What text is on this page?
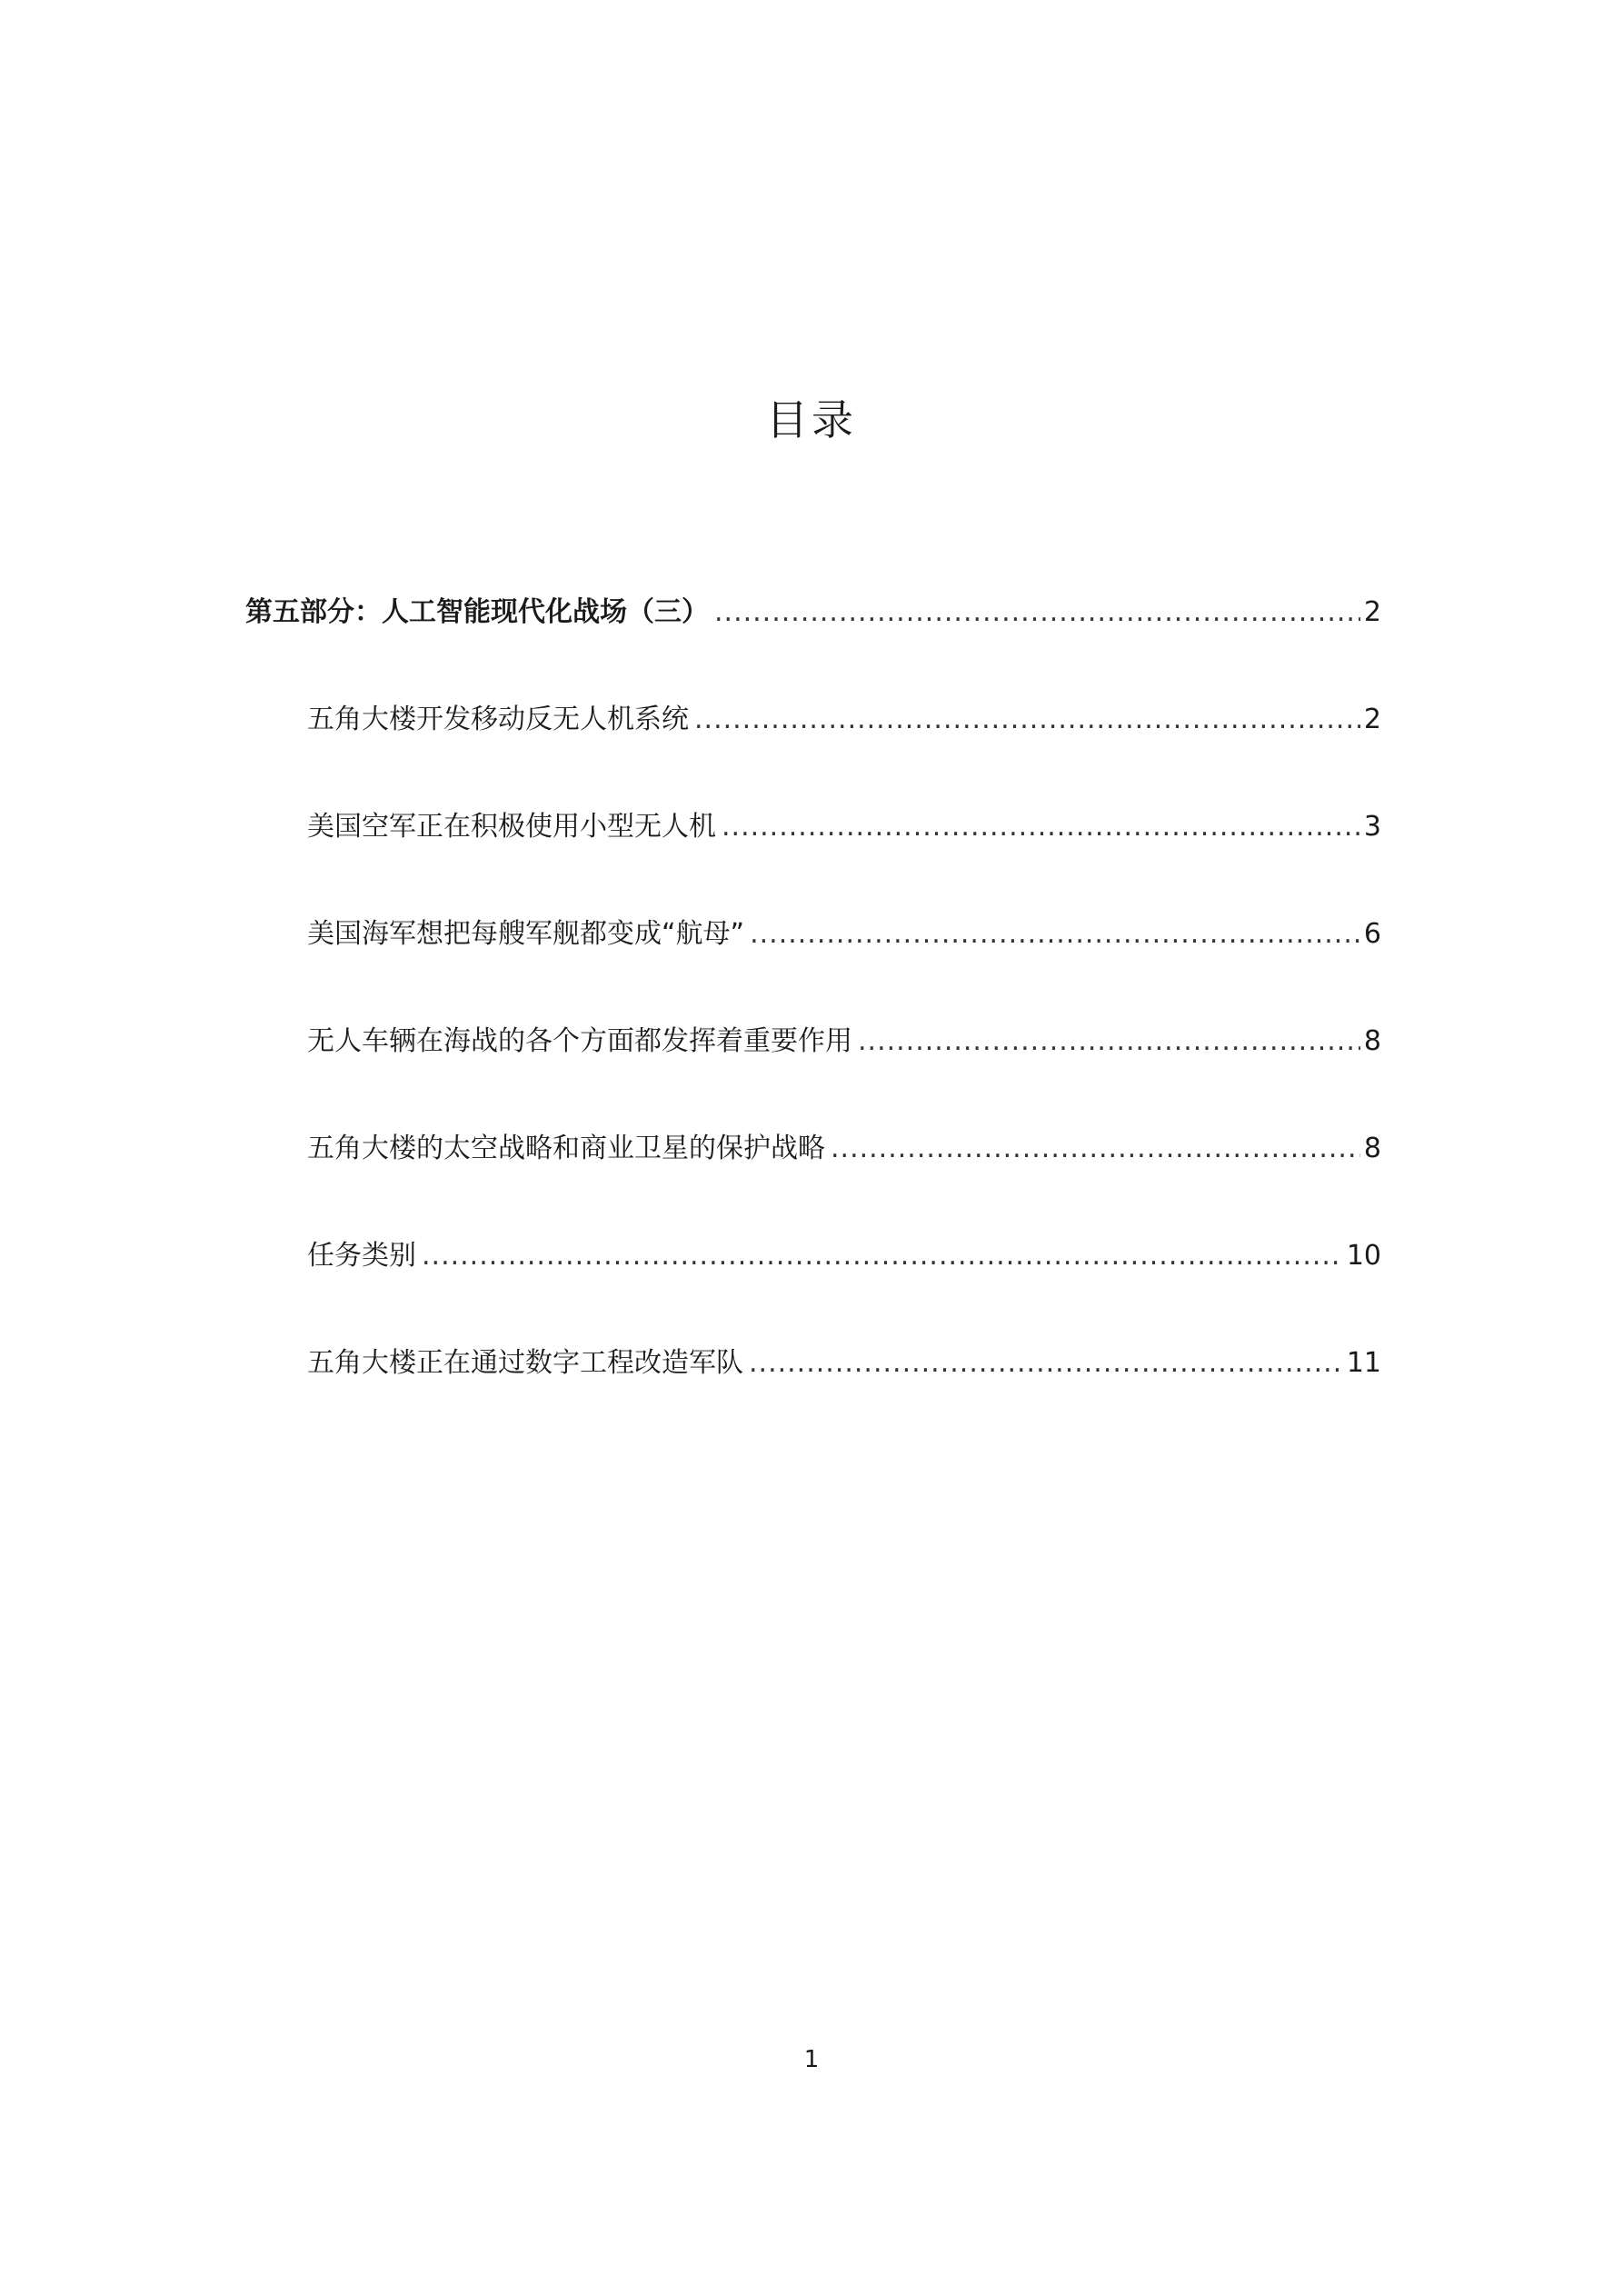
目录
第五部分：人工智能现代化战场（三） .....	2
五角大楼开发移动反无人机系统 .....	2
美国空军正在积极使用小型无人机 .....	3
美国海军想把每艘军舰都变成“航母” .....	6
无人车辆在海战的各个方面都发挥着重要作用 .....	8
五角大楼的太空战略和商业卫星的保护战略 .....	8
任务类别 .....	10
五角大楼正在通过数字工程改造军队 .....	11
1
